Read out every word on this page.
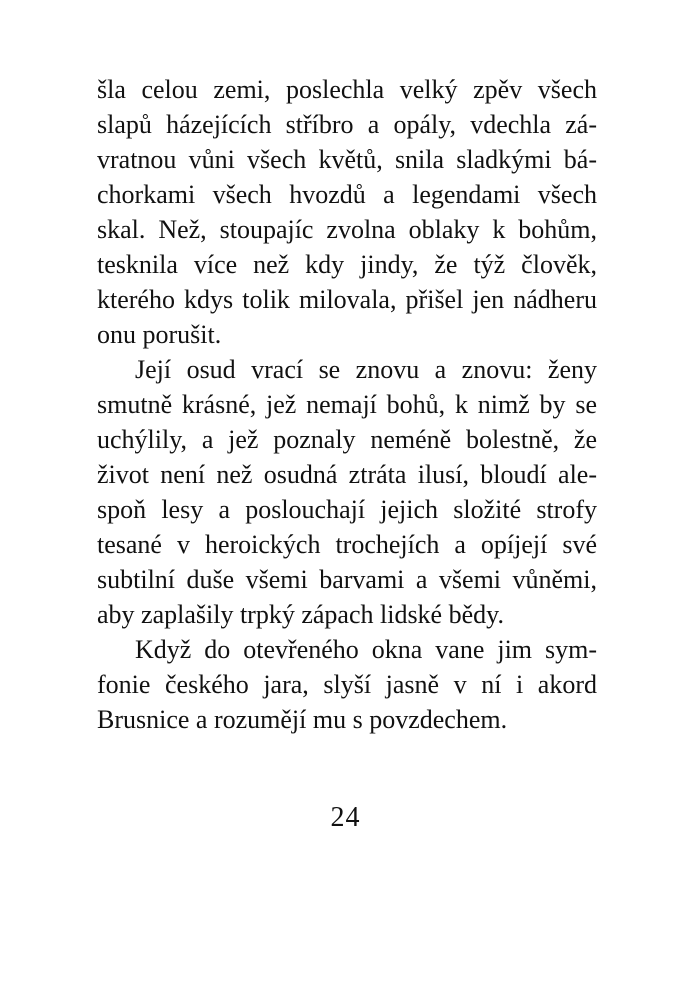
šla celou zemi, poslechla velký zpěv všech
slapů házejících stříbro a opály, vdechla zá-
vratnou vůni všech květů, snila sladkými bá-
chorkami všech hvozdů a legendami všech
skal. Než, stoupajíc zvolna oblaky k bohům,
tesknila více než kdy jindy, že týž člověk,
kterého kdys tolik milovala, přišel jen nádheru
onu porušit.
Její osud vrací se znovu a znovu: ženy
smutně krásné, jež nemají bohů, k nimž by se
uchýlily, a jež poznaly neméně bolestně, že
život není než osudná ztráta ilusí, bloudí ale-
spoň lesy a poslouchají jejich složité strofy
tesané v heroických trochejích a opíjejí své
subtilní duše všemi barvami a všemi vůněmi,
aby zaplašily trpký zápach lidské bědy.
Když do otevřeného okna vane jim sym-
fonie českého jara, slyší jasně v ní i akord
Brusnice a rozumějí mu s povzdechem.
24
